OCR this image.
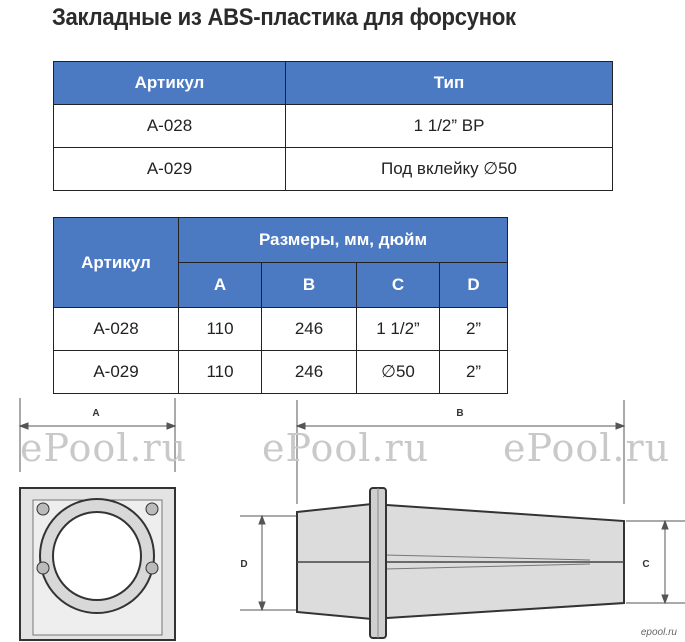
Закладные из ABS-пластика для форсунок
Артикул	Тип
A-028	1 1/2” ВР
A-029	Под вклейку ∅50
Артикул	Размеры, мм, дюйм			
	A	B	C	D
A-028	110	246	1 1/2”	2”
A-029	110	246	∅50	2”
A	B
C
D
ePool.ru ePool.ru ePool.ru
epool.ru
